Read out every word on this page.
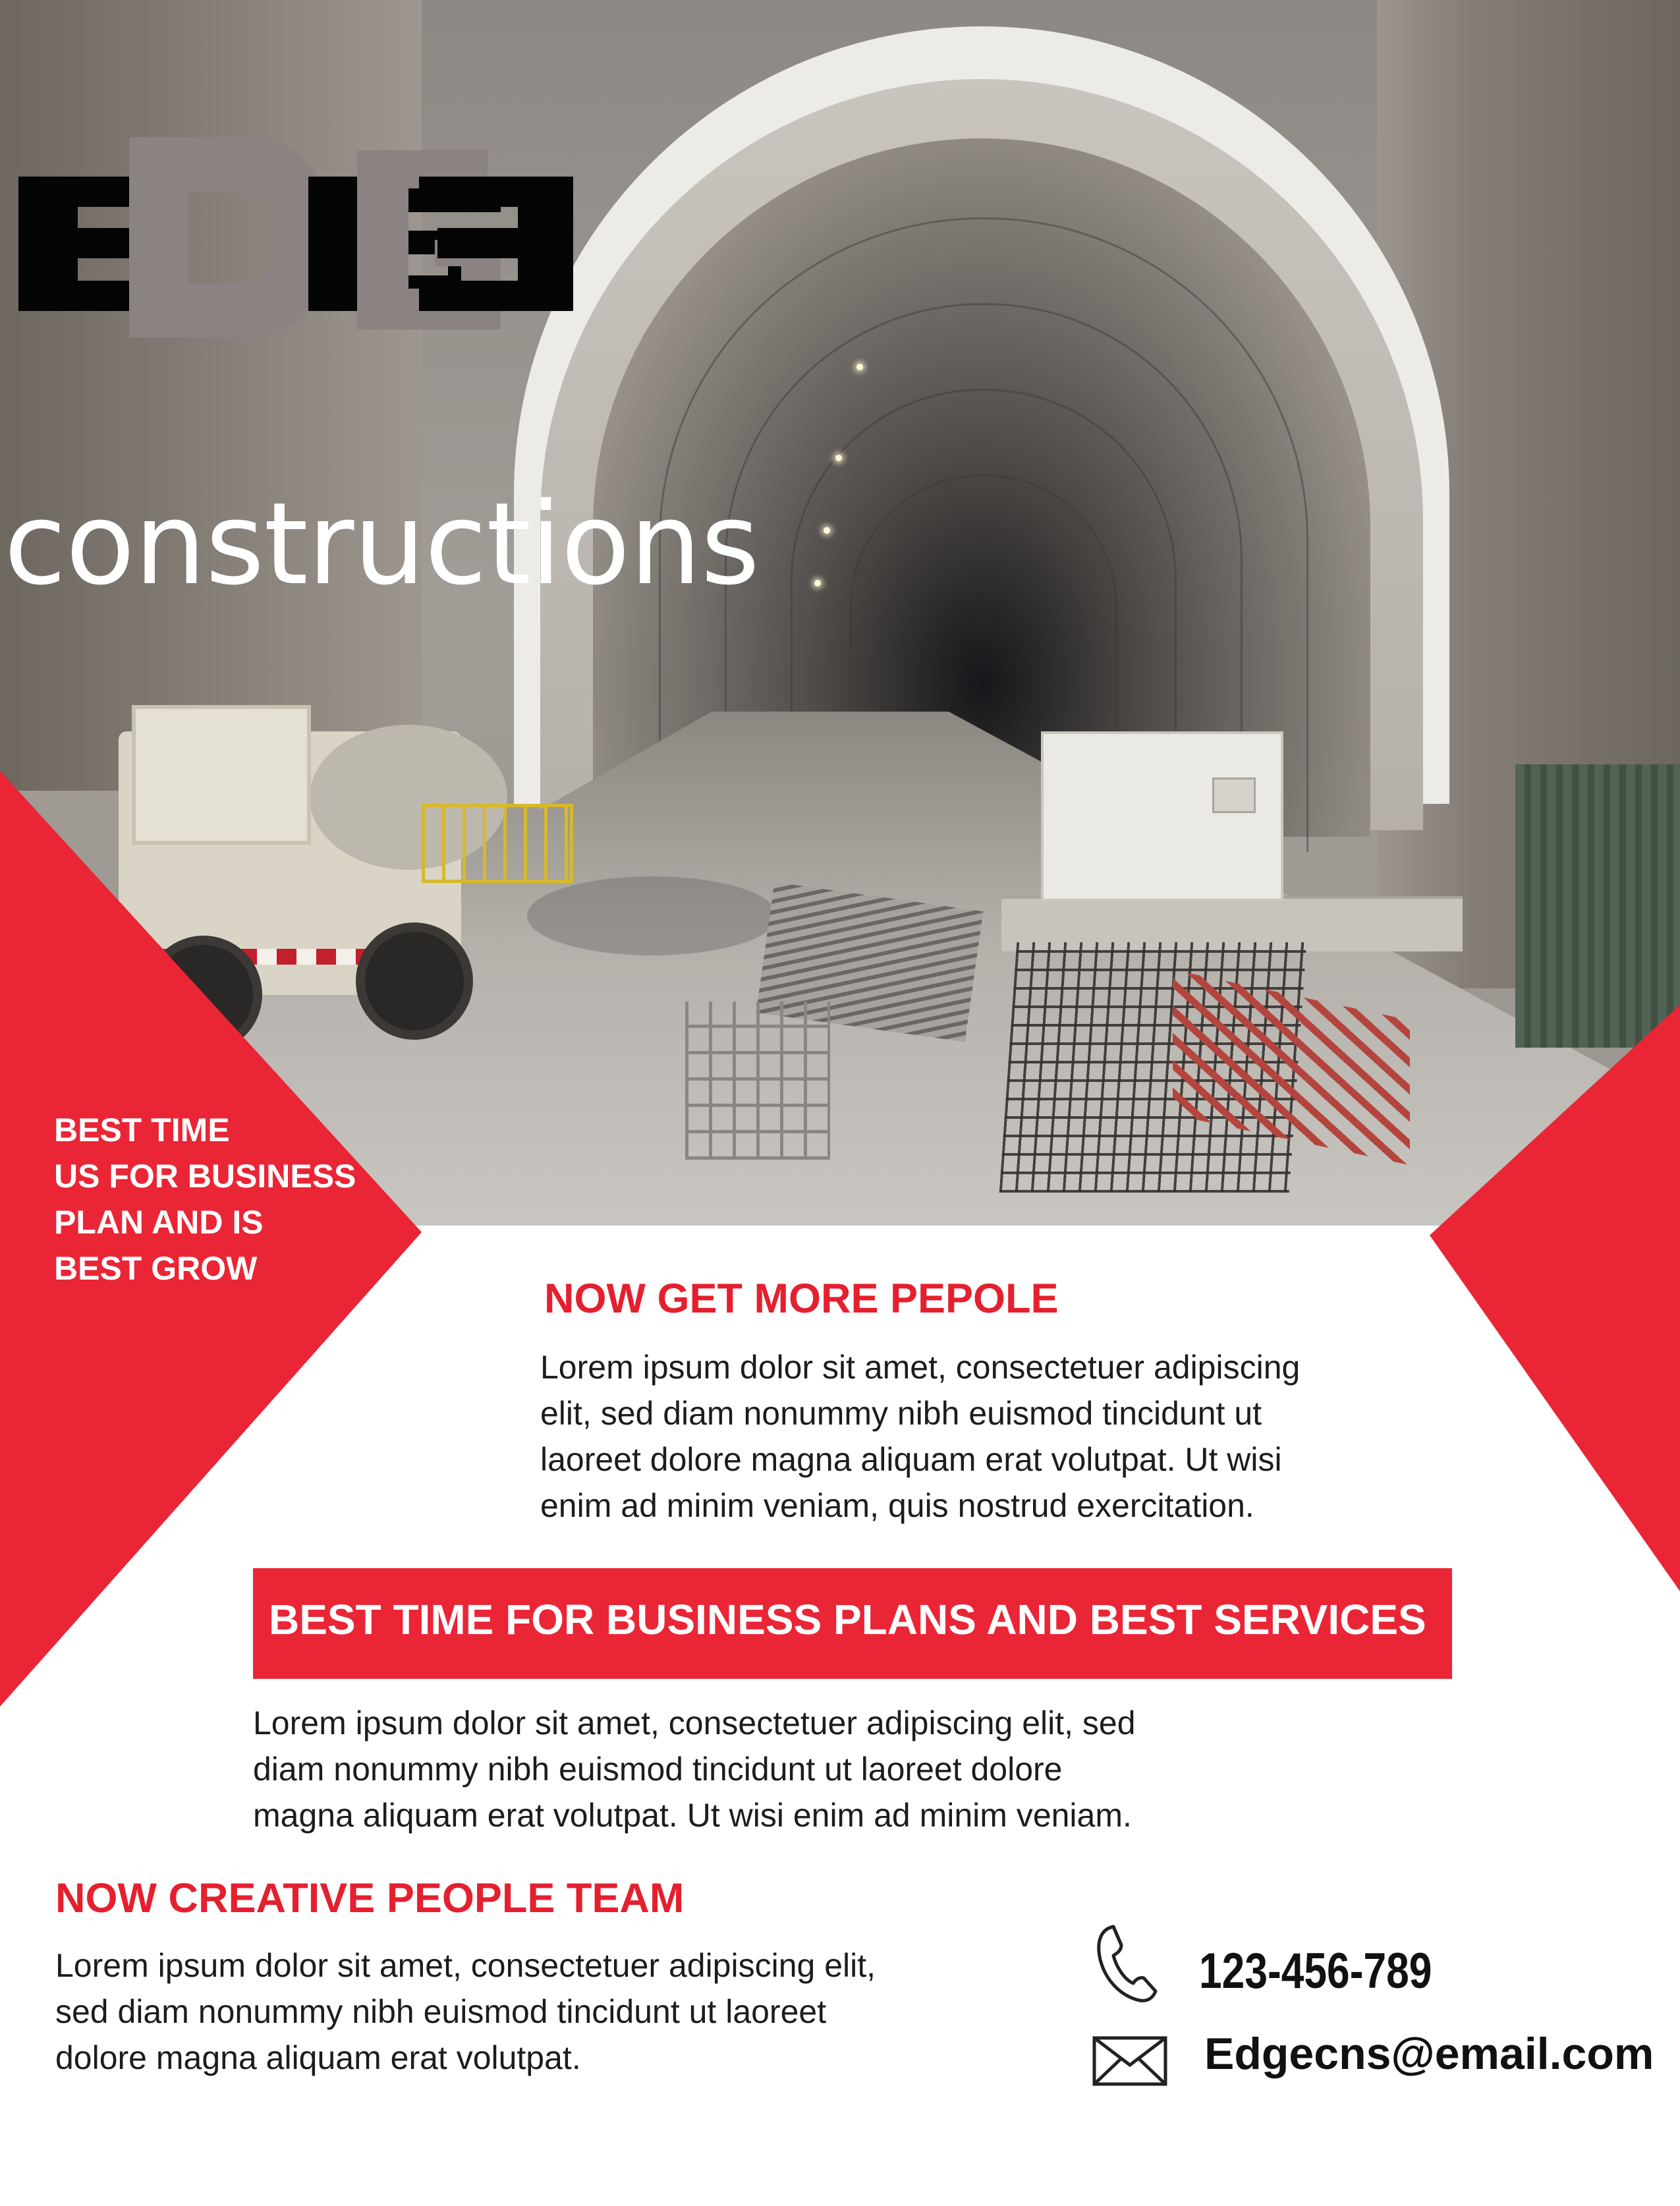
constructions
BEST TIME
US FOR BUSINESS
PLAN AND IS
BEST GROW
NOW GET MORE PEPOLE
Lorem ipsum dolor sit amet, consectetuer adipiscing
elit, sed diam nonummy nibh euismod tincidunt ut
laoreet dolore magna aliquam erat volutpat. Ut wisi
enim ad minim veniam, quis nostrud exercitation.
BEST TIME FOR BUSINESS PLANS AND BEST SERVICES
Lorem ipsum dolor sit amet, consectetuer adipiscing elit, sed
diam nonummy nibh euismod tincidunt ut laoreet dolore
magna aliquam erat volutpat. Ut wisi enim ad minim veniam.
NOW CREATIVE PEOPLE TEAM
Lorem ipsum dolor sit amet, consectetuer adipiscing elit,
sed diam nonummy nibh euismod tincidunt ut laoreet
dolore magna aliquam erat volutpat.
123-456-789
Edgecns@email.com
